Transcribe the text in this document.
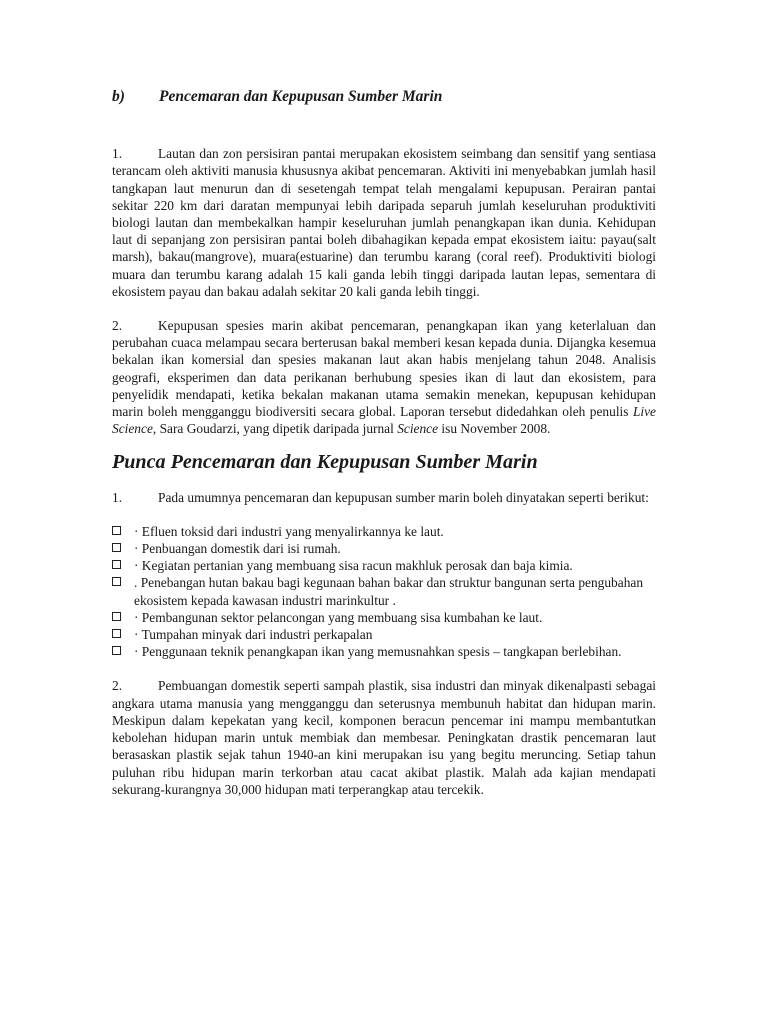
b)	Pencemaran dan Kepupusan Sumber Marin

1.	Lautan dan zon persisiran pantai merupakan ekosistem seimbang dan sensitif yang sentiasa terancam oleh aktiviti manusia khususnya akibat pencemaran. Aktiviti ini menyebabkan jumlah hasil tangkapan laut menurun dan di sesetengah tempat telah mengalami kepupusan. Perairan pantai sekitar 220 km dari daratan mempunyai lebih daripada separuh jumlah keseluruhan produktiviti biologi lautan dan membekalkan hampir keseluruhan jumlah penangkapan ikan dunia. Kehidupan laut di sepanjang zon persisiran pantai boleh dibahagikan kepada empat ekosistem iaitu: payau(salt marsh), bakau(mangrove), muara(estuarine) dan terumbu karang (coral reef). Produktiviti biologi muara dan terumbu karang adalah 15 kali ganda lebih tinggi daripada lautan lepas, sementara di ekosistem payau dan bakau adalah sekitar 20 kali ganda lebih tinggi.

2.	Kepupusan spesies marin akibat pencemaran, penangkapan ikan yang keterlaluan dan perubahan cuaca melampau secara berterusan bakal memberi kesan kepada dunia. Dijangka kesemua bekalan ikan komersial dan spesies makanan laut akan habis menjelang tahun 2048. Analisis geografi, eksperimen dan data perikanan berhubung spesies ikan di laut dan ekosistem, para penyelidik mendapati, ketika bekalan makanan utama semakin menekan, kepupusan kehidupan marin boleh mengganggu biodiversiti secara global. Laporan tersebut didedahkan oleh penulis Live Science, Sara Goudarzi, yang dipetik daripada jurnal Science isu November 2008.

Punca Pencemaran dan Kepupusan Sumber Marin

1.	Pada umumnya pencemaran dan kepupusan sumber marin boleh dinyatakan seperti berikut:

· Efluen toksid dari industri yang menyalirkannya ke laut.
· Penbuangan domestik dari isi rumah.
· Kegiatan pertanian yang membuang sisa racun makhluk perosak dan baja kimia.
. Penebangan hutan bakau bagi kegunaan bahan bakar dan struktur bangunan serta pengubahan ekosistem kepada kawasan industri marinkultur .
· Pembangunan sektor pelancongan yang membuang sisa kumbahan ke laut.
· Tumpahan minyak dari industri perkapalan
· Penggunaan teknik penangkapan ikan yang memusnahkan spesis – tangkapan berlebihan.

2.	Pembuangan domestik seperti sampah plastik, sisa industri dan minyak dikenalpasti sebagai angkara utama manusia yang mengganggu dan seterusnya membunuh habitat dan hidupan marin. Meskipun dalam kepekatan yang kecil, komponen beracun pencemar ini mampu membantutkan kebolehan hidupan marin untuk membiak dan membesar. Peningkatan drastik pencemaran laut berasaskan plastik sejak tahun 1940-an kini merupakan isu yang begitu meruncing. Setiap tahun puluhan ribu hidupan marin terkorban atau cacat akibat plastik. Malah ada kajian mendapati sekurang-kurangnya 30,000 hidupan mati terperangkap atau tercekik.
